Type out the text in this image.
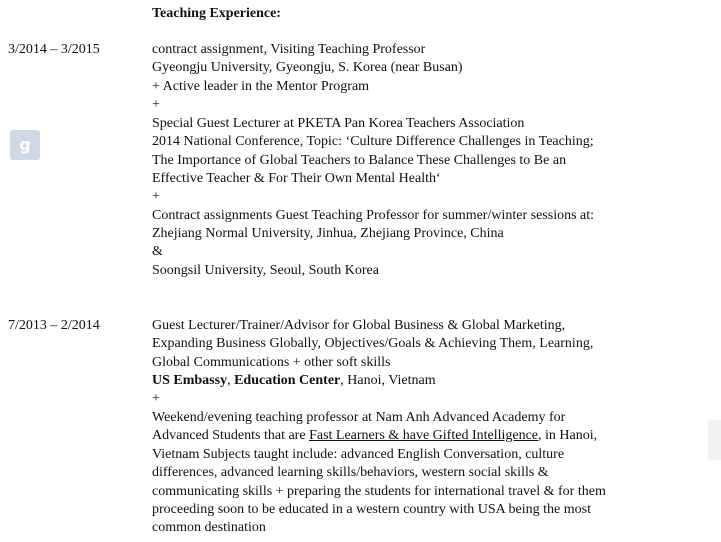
Teaching Experience:
g
3/2014 – 3/2015	contract assignment, Visiting Teaching Professor
Gyeongju University, Gyeongju, S. Korea (near Busan)
+ Active leader in the Mentor Program
+
Special Guest Lecturer at PKETA Pan Korea Teachers Association
2014 National Conference, Topic: ‘Culture Difference Challenges in Teaching;
The Importance of Global Teachers to Balance These Challenges to Be an
Effective Teacher & For Their Own Mental Health‘
+
Contract assignments Guest Teaching Professor for summer/winter sessions at:
Zhejiang Normal University, Jinhua, Zhejiang Province, China
&
Soongsil University, Seoul, South Korea
7/2013 – 2/2014	Guest Lecturer/Trainer/Advisor for Global Business & Global Marketing,
Expanding Business Globally, Objectives/Goals & Achieving Them, Learning,
Global Communications + other soft skills
US Embassy, Education Center, Hanoi, Vietnam
+
Weekend/evening teaching professor at Nam Anh Advanced Academy for
Advanced Students that are Fast Learners & have Gifted Intelligence, in Hanoi,
Vietnam Subjects taught include: advanced English Conversation, culture
differences, advanced learning skills/behaviors, western social skills &
communicating skills + preparing the students for international travel & for them
proceeding soon to be educated in a western country with USA being the most
common destination
